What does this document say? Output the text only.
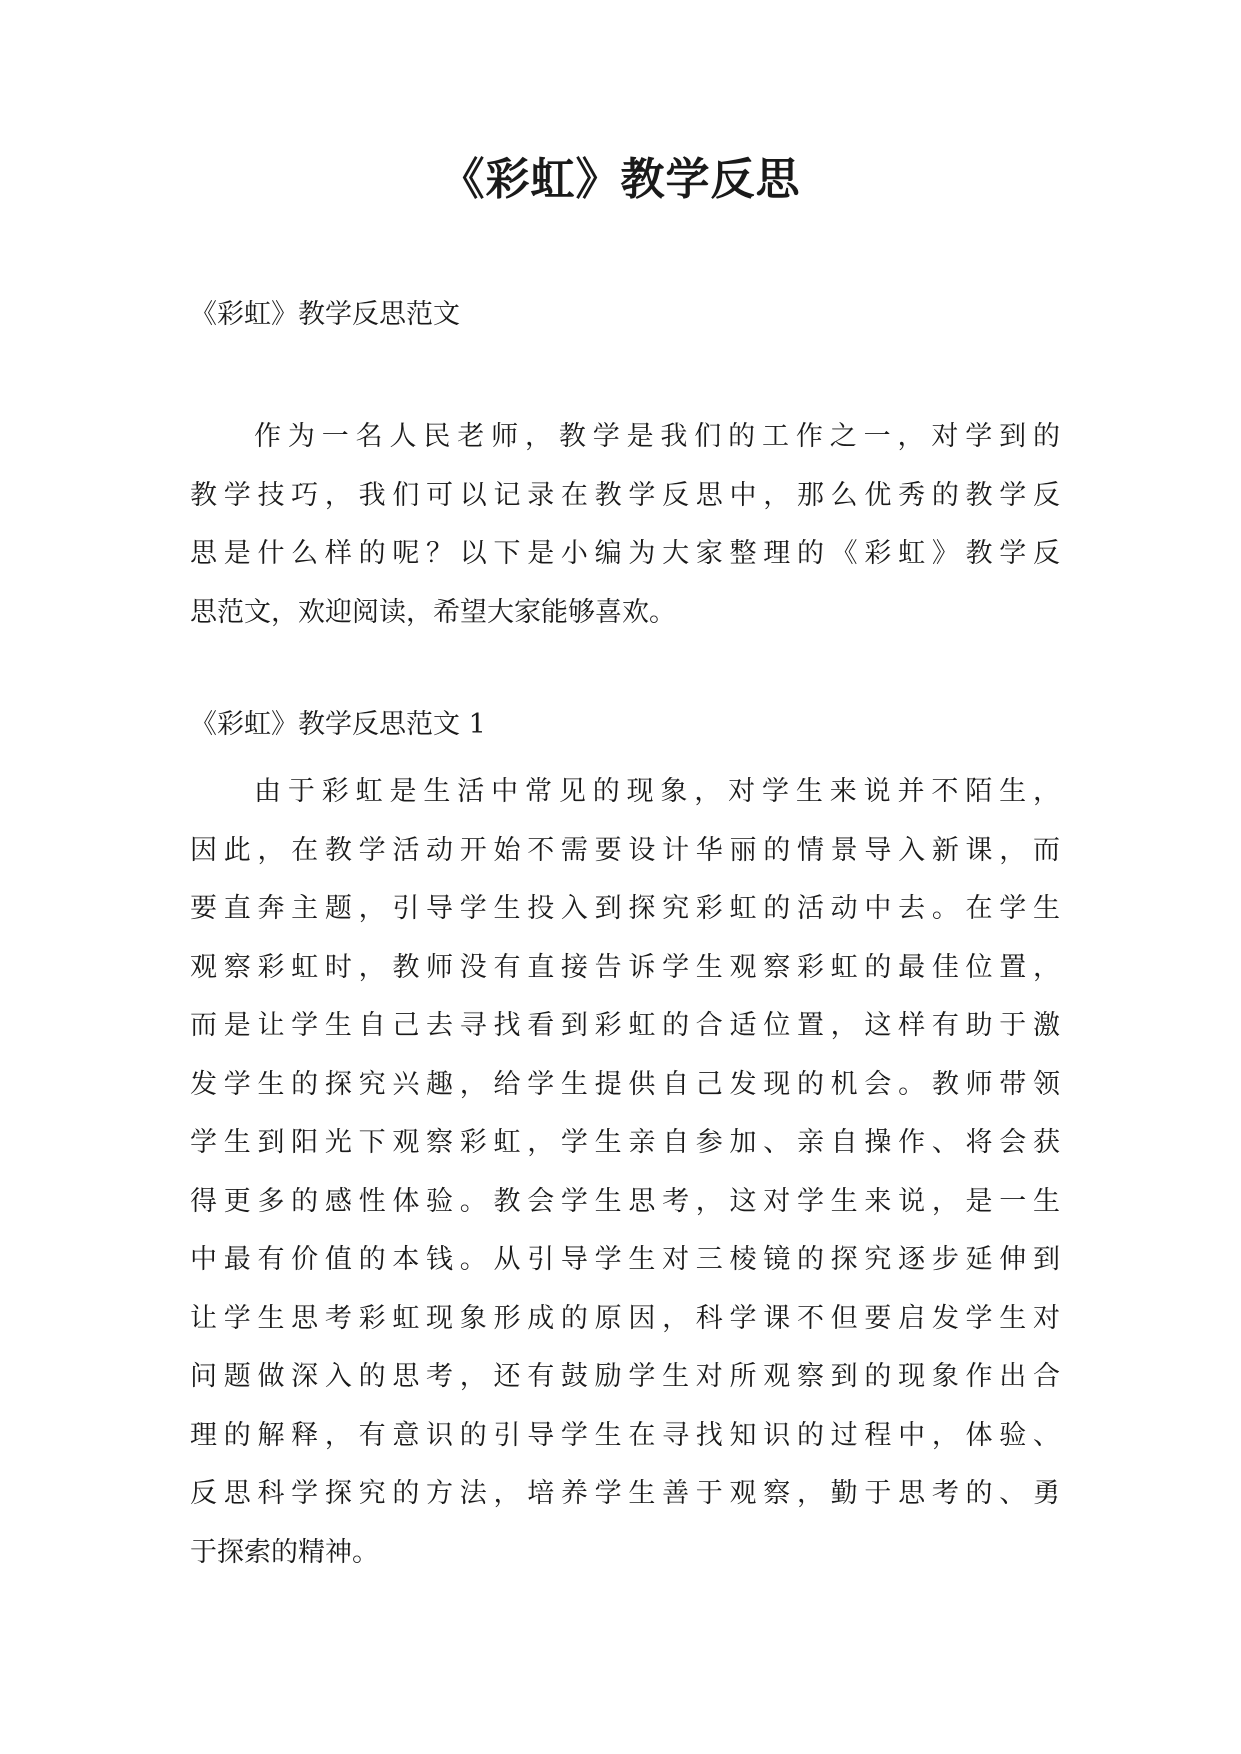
《彩虹》教学反思
《彩虹》教学反思范文
作为一名人民老师，教学是我们的工作之一，对学到的
教学技巧，我们可以记录在教学反思中，那么优秀的教学反
思是什么样的呢？以下是小编为大家整理的《彩虹》教学反
思范文，欢迎阅读，希望大家能够喜欢。
《彩虹》教学反思范文 1
由于彩虹是生活中常见的现象，对学生来说并不陌生，
因此，在教学活动开始不需要设计华丽的情景导入新课，而
要直奔主题，引导学生投入到探究彩虹的活动中去。在学生
观察彩虹时，教师没有直接告诉学生观察彩虹的最佳位置，
而是让学生自己去寻找看到彩虹的合适位置，这样有助于激
发学生的探究兴趣，给学生提供自己发现的机会。教师带领
学生到阳光下观察彩虹，学生亲自参加、亲自操作、将会获
得更多的感性体验。教会学生思考，这对学生来说，是一生
中最有价值的本钱。从引导学生对三棱镜的探究逐步延伸到
让学生思考彩虹现象形成的原因，科学课不但要启发学生对
问题做深入的思考，还有鼓励学生对所观察到的现象作出合
理的解释，有意识的引导学生在寻找知识的过程中，体验、
反思科学探究的方法，培养学生善于观察，勤于思考的、勇
于探索的精神。
